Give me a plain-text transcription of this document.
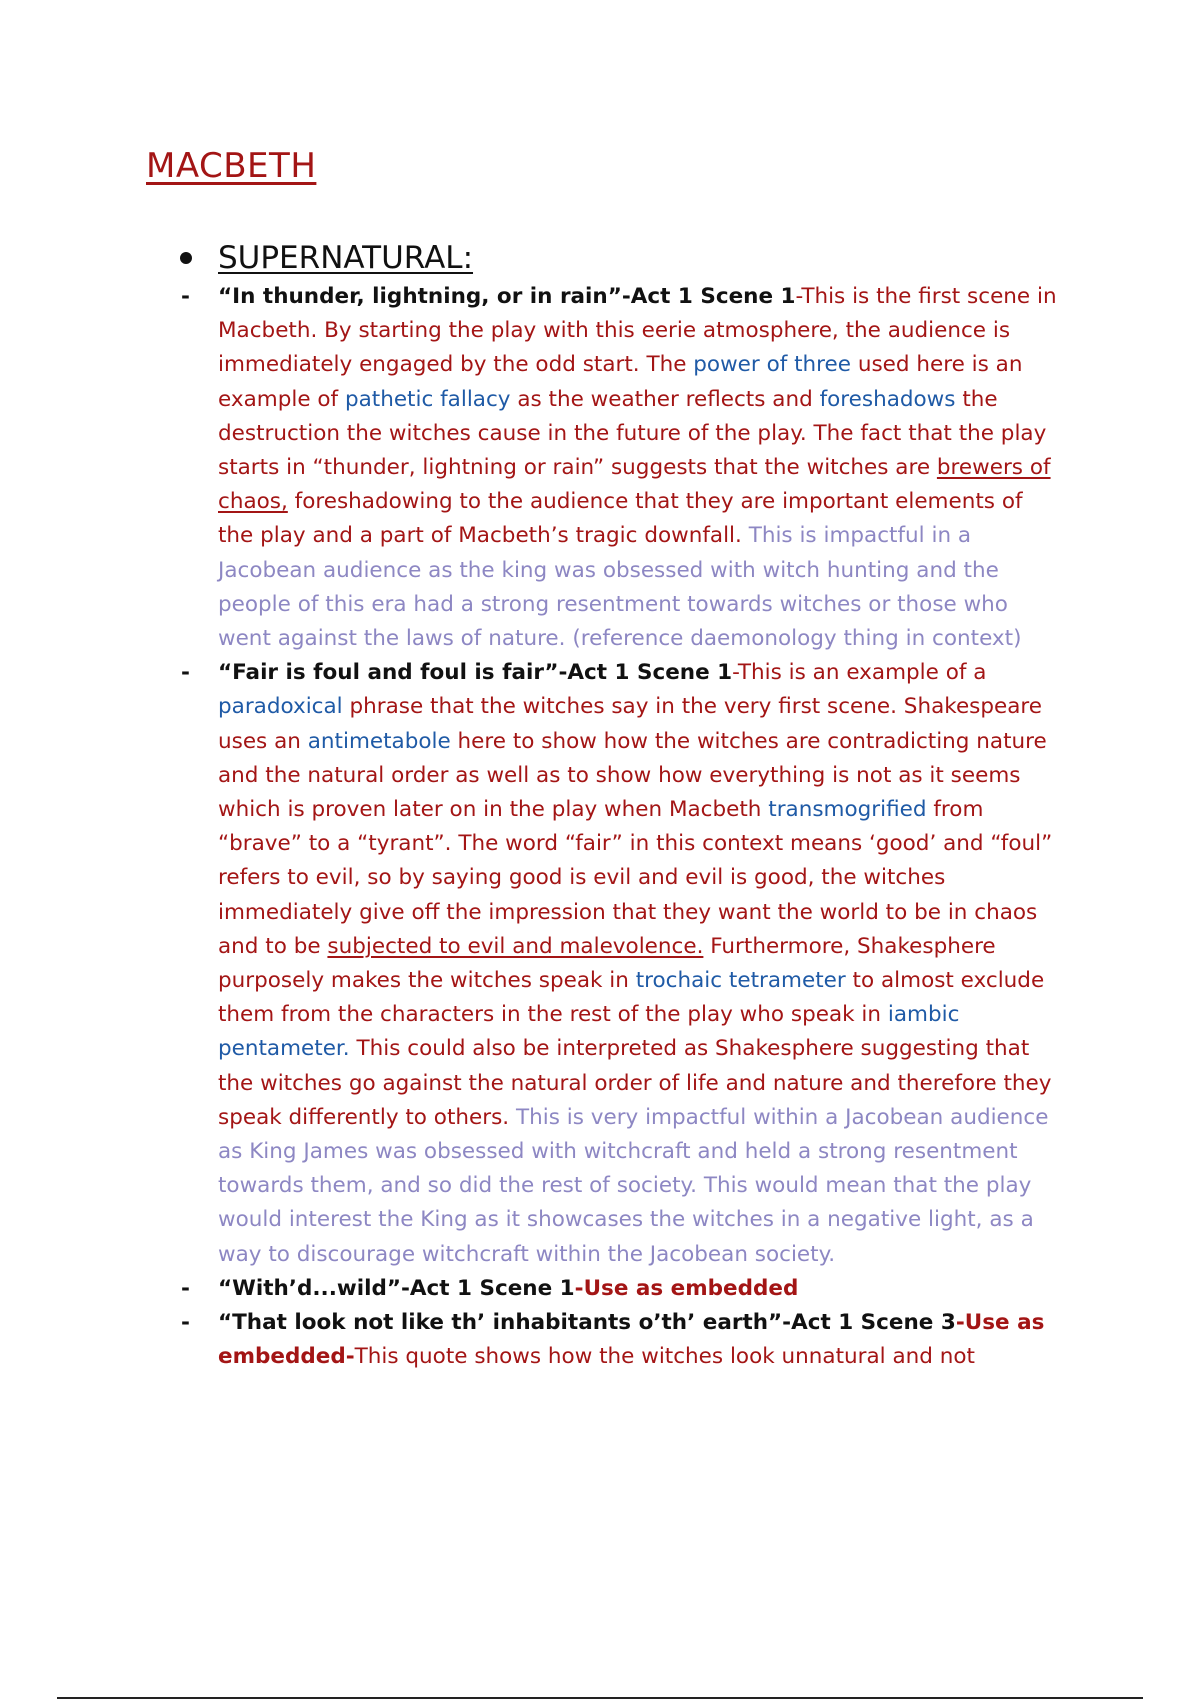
MACBETH
SUPERNATURAL:
- “In thunder, lightning, or in rain”-Act 1 Scene 1-This is the first scene in Macbeth. By starting the play with this eerie atmosphere, the audience is immediately engaged by the odd start. The power of three used here is an example of pathetic fallacy as the weather reflects and foreshadows the destruction the witches cause in the future of the play. The fact that the play starts in “thunder, lightning or rain” suggests that the witches are brewers of chaos, foreshadowing to the audience that they are important elements of the play and a part of Macbeth’s tragic downfall. This is impactful in a Jacobean audience as the king was obsessed with witch hunting and the people of this era had a strong resentment towards witches or those who went against the laws of nature. (reference daemonology thing in context)
- “Fair is foul and foul is fair”-Act 1 Scene 1-This is an example of a paradoxical phrase that the witches say in the very first scene. Shakespeare uses an antimetabole here to show how the witches are contradicting nature and the natural order as well as to show how everything is not as it seems which is proven later on in the play when Macbeth transmogrified from “brave” to a “tyrant”. The word “fair” in this context means ‘good’ and “foul” refers to evil, so by saying good is evil and evil is good, the witches immediately give off the impression that they want the world to be in chaos and to be subjected to evil and malevolence. Furthermore, Shakesphere purposely makes the witches speak in trochaic tetrameter to almost exclude them from the characters in the rest of the play who speak in iambic pentameter. This could also be interpreted as Shakesphere suggesting that the witches go against the natural order of life and nature and therefore they speak differently to others. This is very impactful within a Jacobean audience as King James was obsessed with witchcraft and held a strong resentment towards them, and so did the rest of society. This would mean that the play would interest the King as it showcases the witches in a negative light, as a way to discourage witchcraft within the Jacobean society.
- “With’d...wild”-Act 1 Scene 1-Use as embedded
- “That look not like th’ inhabitants o’th’ earth”-Act 1 Scene 3-Use as embedded-This quote shows how the witches look unnatural and not
